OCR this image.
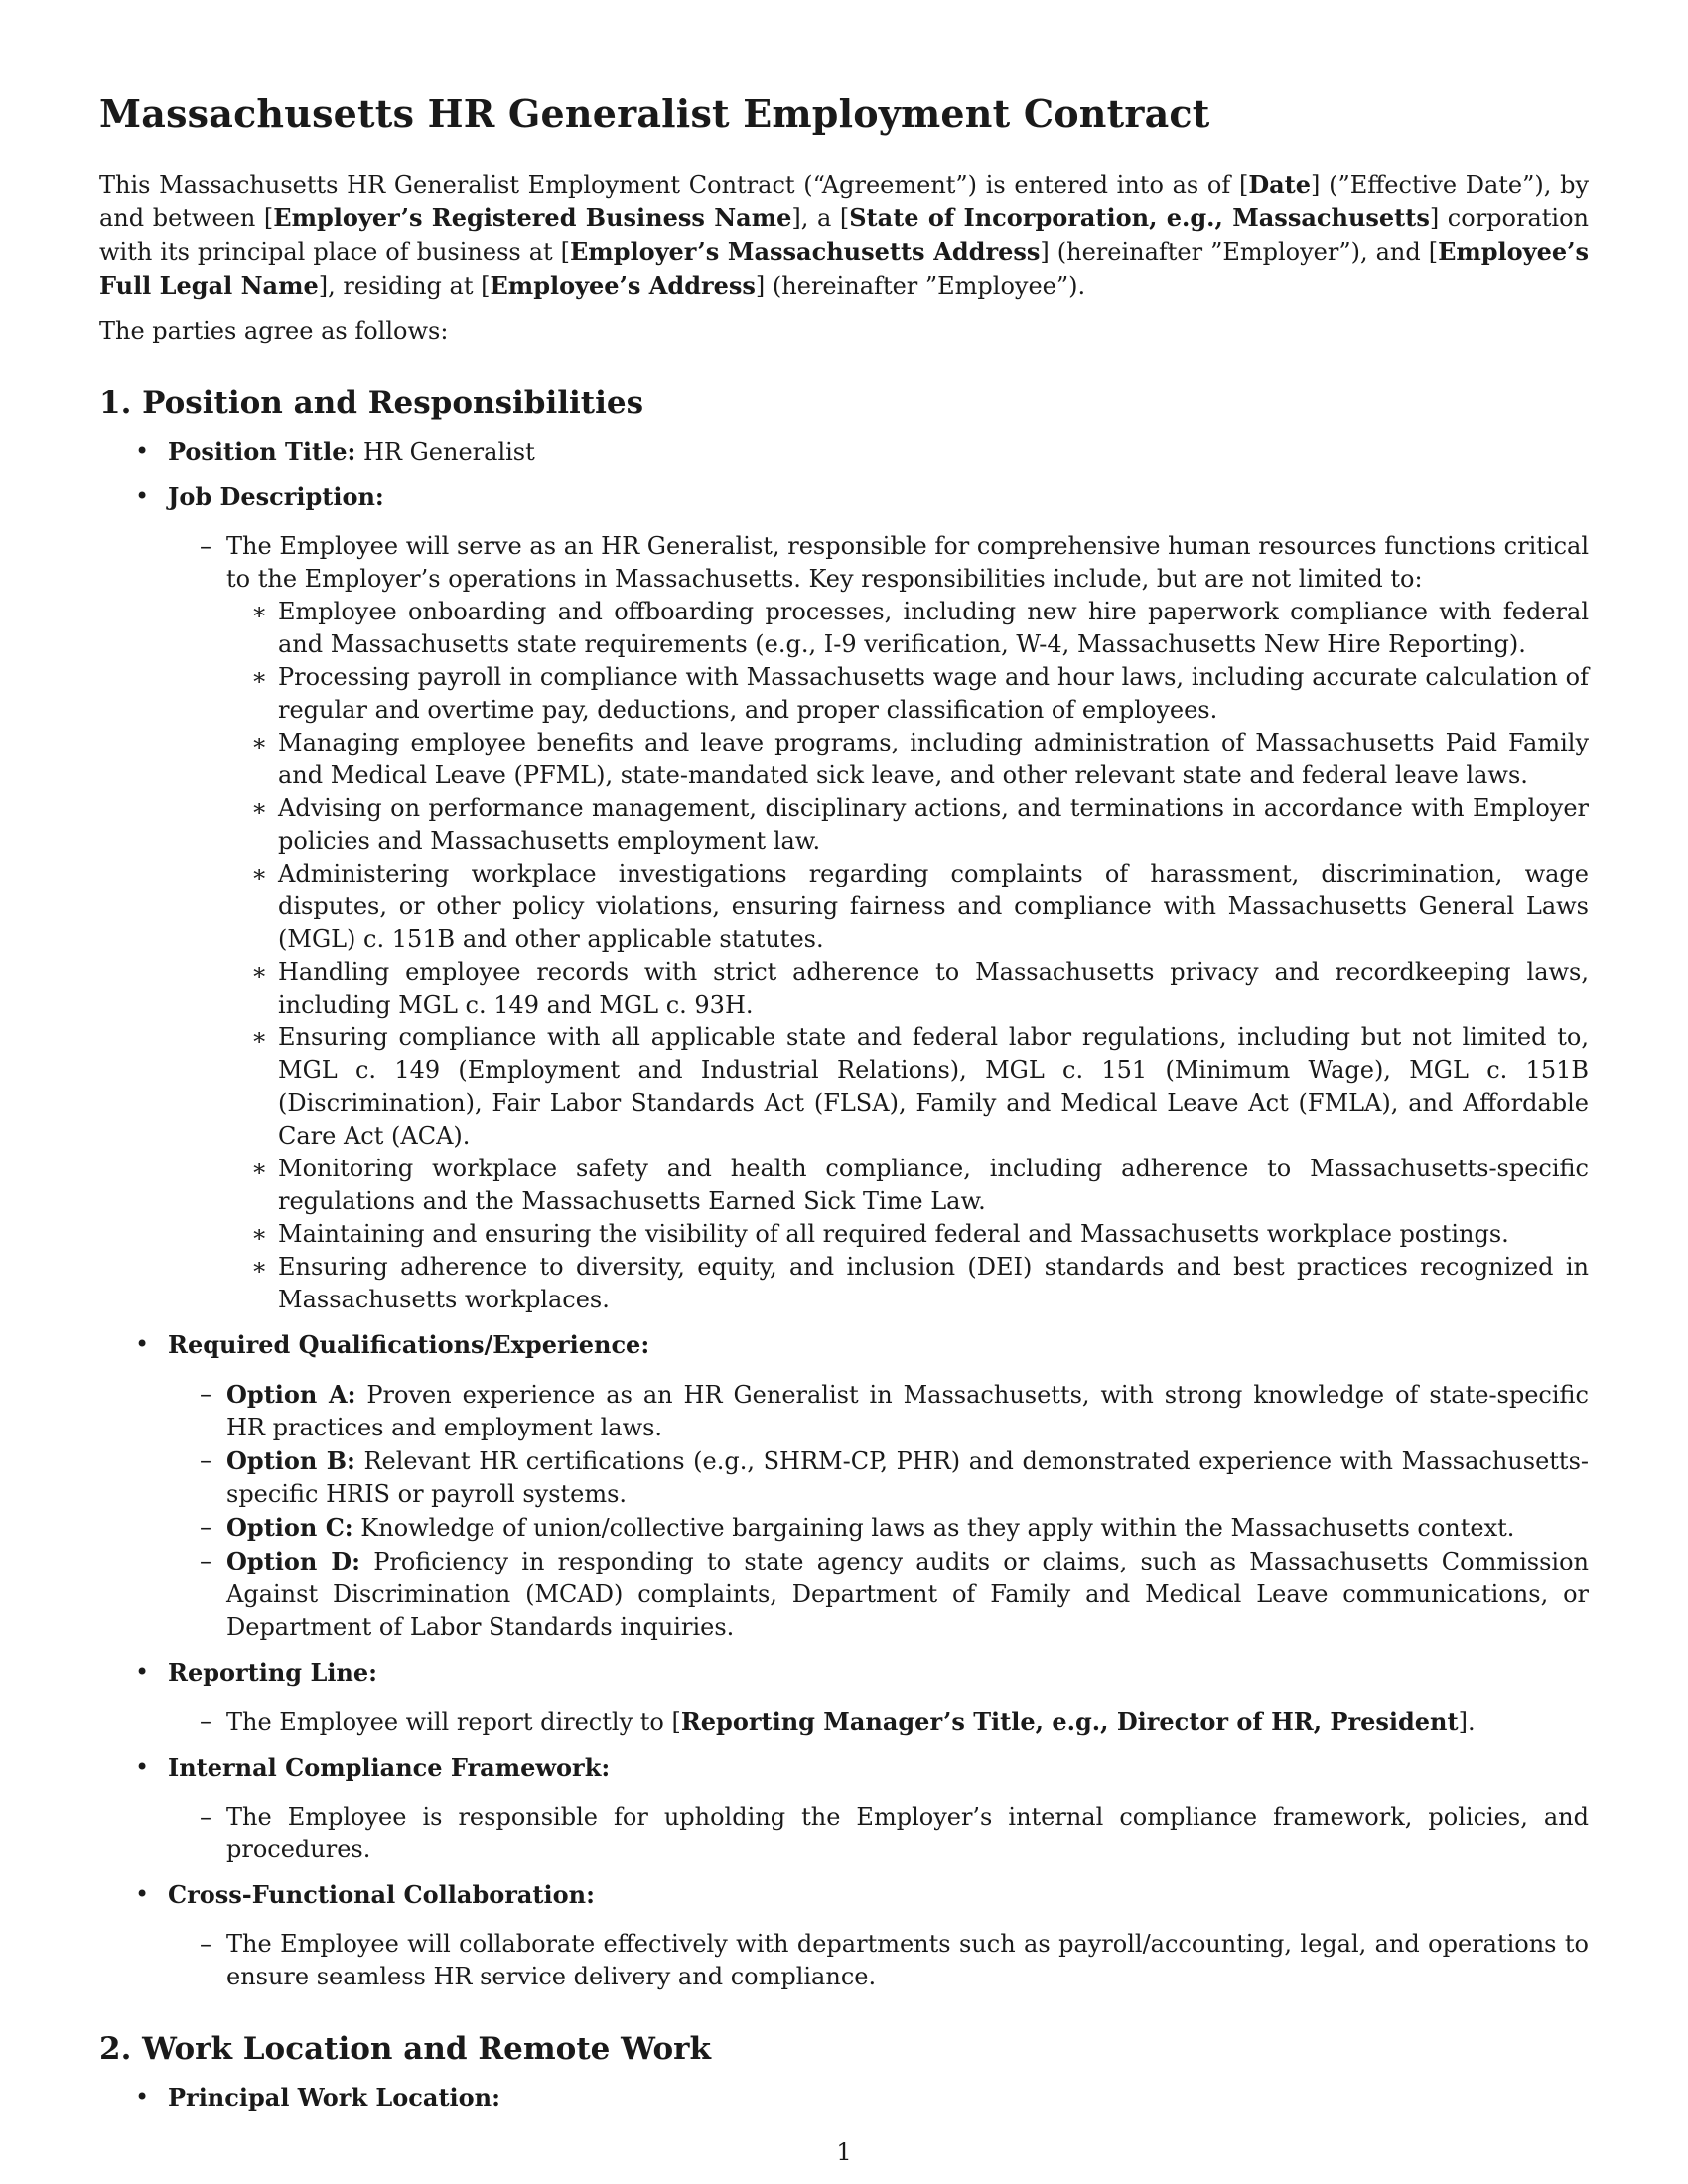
Massachusetts HR Generalist Employment Contract

This Massachusetts HR Generalist Employment Contract (“Agreement”) is entered into as of [Date] (”Effective Date”), by and between [Employer’s Registered Business Name], a [State of Incorporation, e.g., Massachusetts] corporation with its principal place of business at [Employer’s Massachusetts Address] (hereinafter ”Employer”), and [Employee’s Full Legal Name], residing at [Employee’s Address] (hereinafter ”Employee”).

The parties agree as follows:

1. Position and Responsibilities
• Position Title: HR Generalist
• Job Description:
– The Employee will serve as an HR Generalist, responsible for comprehensive human resources functions critical to the Employer’s operations in Massachusetts. Key responsibilities include, but are not limited to:
∗ Employee onboarding and offboarding processes, including new hire paperwork compliance with federal and Massachusetts state requirements (e.g., I-9 verification, W-4, Massachusetts New Hire Reporting).
∗ Processing payroll in compliance with Massachusetts wage and hour laws, including accurate calculation of regular and overtime pay, deductions, and proper classification of employees.
∗ Managing employee benefits and leave programs, including administration of Massachusetts Paid Family and Medical Leave (PFML), state-mandated sick leave, and other relevant state and federal leave laws.
∗ Advising on performance management, disciplinary actions, and terminations in accordance with Employer policies and Massachusetts employment law.
∗ Administering workplace investigations regarding complaints of harassment, discrimination, wage disputes, or other policy violations, ensuring fairness and compliance with Massachusetts General Laws (MGL) c. 151B and other applicable statutes.
∗ Handling employee records with strict adherence to Massachusetts privacy and recordkeeping laws, including MGL c. 149 and MGL c. 93H.
∗ Ensuring compliance with all applicable state and federal labor regulations, including but not limited to, MGL c. 149 (Employment and Industrial Relations), MGL c. 151 (Minimum Wage), MGL c. 151B (Discrimination), Fair Labor Standards Act (FLSA), Family and Medical Leave Act (FMLA), and Affordable Care Act (ACA).
∗ Monitoring workplace safety and health compliance, including adherence to Massachusetts-specific regulations and the Massachusetts Earned Sick Time Law.
∗ Maintaining and ensuring the visibility of all required federal and Massachusetts workplace postings.
∗ Ensuring adherence to diversity, equity, and inclusion (DEI) standards and best practices recognized in Massachusetts workplaces.
• Required Qualifications/Experience:
– Option A: Proven experience as an HR Generalist in Massachusetts, with strong knowledge of state-specific HR practices and employment laws.
– Option B: Relevant HR certifications (e.g., SHRM-CP, PHR) and demonstrated experience with Massachusetts-specific HRIS or payroll systems.
– Option C: Knowledge of union/collective bargaining laws as they apply within the Massachusetts context.
– Option D: Proficiency in responding to state agency audits or claims, such as Massachusetts Commission Against Discrimination (MCAD) complaints, Department of Family and Medical Leave communications, or Department of Labor Standards inquiries.
• Reporting Line:
– The Employee will report directly to [Reporting Manager’s Title, e.g., Director of HR, President].
• Internal Compliance Framework:
– The Employee is responsible for upholding the Employer’s internal compliance framework, policies, and procedures.
• Cross-Functional Collaboration:
– The Employee will collaborate effectively with departments such as payroll/accounting, legal, and operations to ensure seamless HR service delivery and compliance.
2. Work Location and Remote Work
• Principal Work Location:
1
